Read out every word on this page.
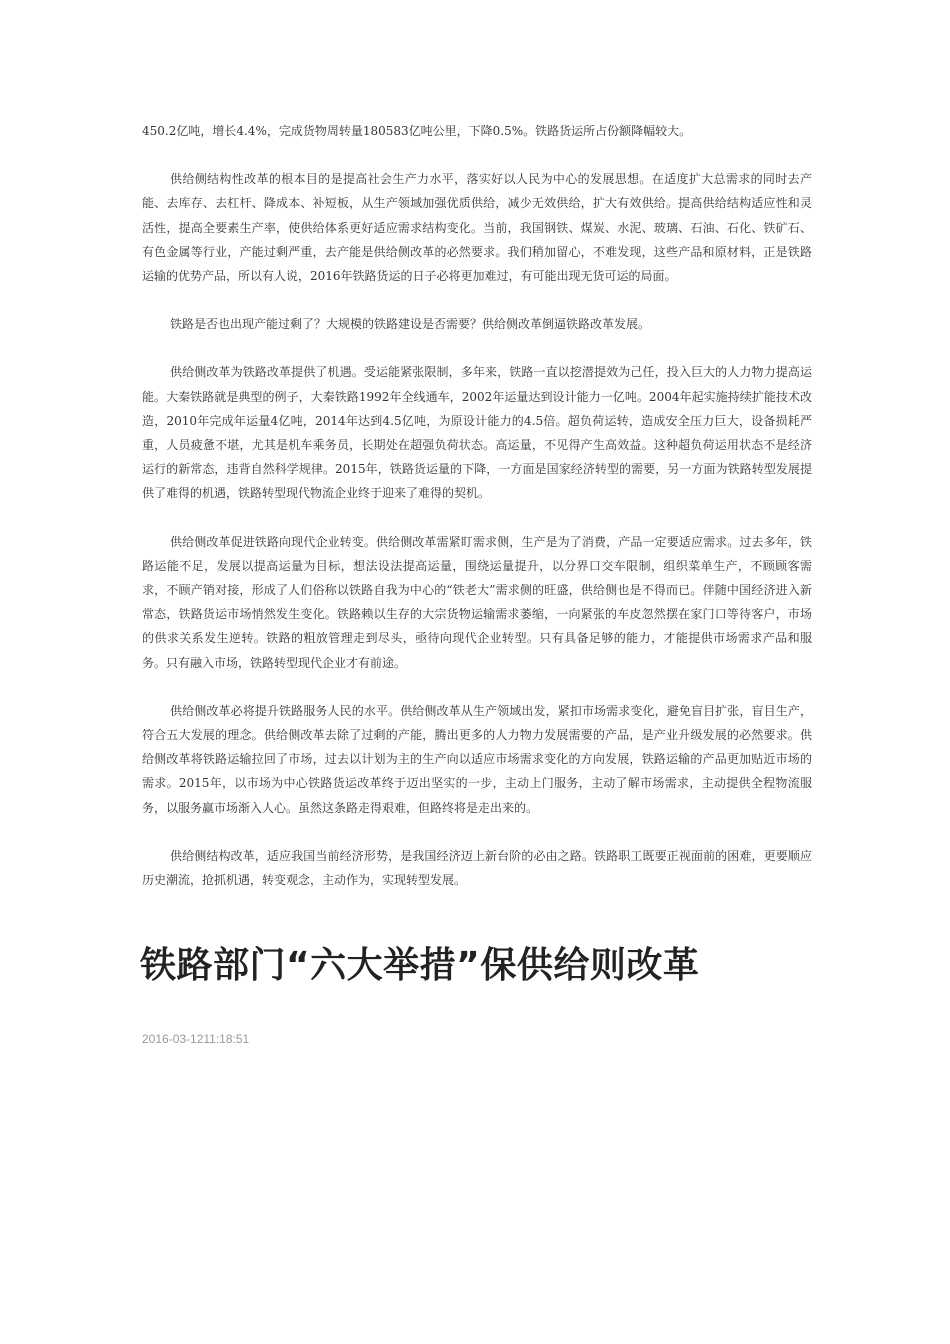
450.2亿吨，增长4.4%，完成货物周转量180583亿吨公里，下降0.5%。铁路货运所占份额降幅较大。

供给侧结构性改革的根本目的是提高社会生产力水平，落实好以人民为中心的发展思想。在适度扩大总需求的同时去产能、去库存、去杠杆、降成本、补短板，从生产领域加强优质供给，减少无效供给，扩大有效供给。提高供给结构适应性和灵活性，提高全要素生产率，使供给体系更好适应需求结构变化。当前，我国钢铁、煤炭、水泥、玻璃、石油、石化、铁矿石、有色金属等行业，产能过剩严重，去产能是供给侧改革的必然要求。我们稍加留心，不难发现，这些产品和原材料，正是铁路运输的优势产品，所以有人说，2016年铁路货运的日子必将更加难过，有可能出现无货可运的局面。

铁路是否也出现产能过剩了？大规模的铁路建设是否需要？供给侧改革倒逼铁路改革发展。

供给侧改革为铁路改革提供了机遇。受运能紧张限制，多年来，铁路一直以挖潜提效为己任，投入巨大的人力物力提高运能。大秦铁路就是典型的例子，大秦铁路1992年全线通车，2002年运量达到设计能力一亿吨。2004年起实施持续扩能技术改造，2010年完成年运量4亿吨，2014年达到4.5亿吨，为原设计能力的4.5倍。超负荷运转，造成安全压力巨大，设备损耗严重，人员疲惫不堪，尤其是机车乘务员，长期处在超强负荷状态。高运量，不见得产生高效益。这种超负荷运用状态不是经济运行的新常态，违背自然科学规律。2015年，铁路货运量的下降，一方面是国家经济转型的需要，另一方面为铁路转型发展提供了难得的机遇，铁路转型现代物流企业终于迎来了难得的契机。

供给侧改革促进铁路向现代企业转变。供给侧改革需紧盯需求侧，生产是为了消费，产品一定要适应需求。过去多年，铁路运能不足，发展以提高运量为目标，想法设法提高运量，围绕运量提升，以分界口交车限制，组织菜单生产，不顾顾客需求，不顾产销对接，形成了人们俗称以铁路自我为中心的“铁老大”需求侧的旺盛，供给侧也是不得而已。伴随中国经济进入新常态，铁路货运市场悄然发生变化。铁路赖以生存的大宗货物运输需求萎缩，一向紧张的车皮忽然摆在家门口等待客户，市场的供求关系发生逆转。铁路的粗放管理走到尽头，亟待向现代企业转型。只有具备足够的能力，才能提供市场需求产品和服务。只有融入市场，铁路转型现代企业才有前途。

供给侧改革必将提升铁路服务人民的水平。供给侧改革从生产领域出发，紧扣市场需求变化，避免盲目扩张，盲目生产，符合五大发展的理念。供给侧改革去除了过剩的产能，腾出更多的人力物力发展需要的产品，是产业升级发展的必然要求。供给侧改革将铁路运输拉回了市场，过去以计划为主的生产向以适应市场需求变化的方向发展，铁路运输的产品更加贴近市场的需求。2015年，以市场为中心铁路货运改革终于迈出坚实的一步，主动上门服务，主动了解市场需求，主动提供全程物流服务，以服务赢市场渐入人心。虽然这条路走得艰难，但路终将是走出来的。

供给侧结构改革，适应我国当前经济形势，是我国经济迈上新台阶的必由之路。铁路职工既要正视面前的困难，更要顺应历史潮流，抢抓机遇，转变观念，主动作为，实现转型发展。

铁路部门“六大举措”保供给则改革
2016-03-1211:18:51
